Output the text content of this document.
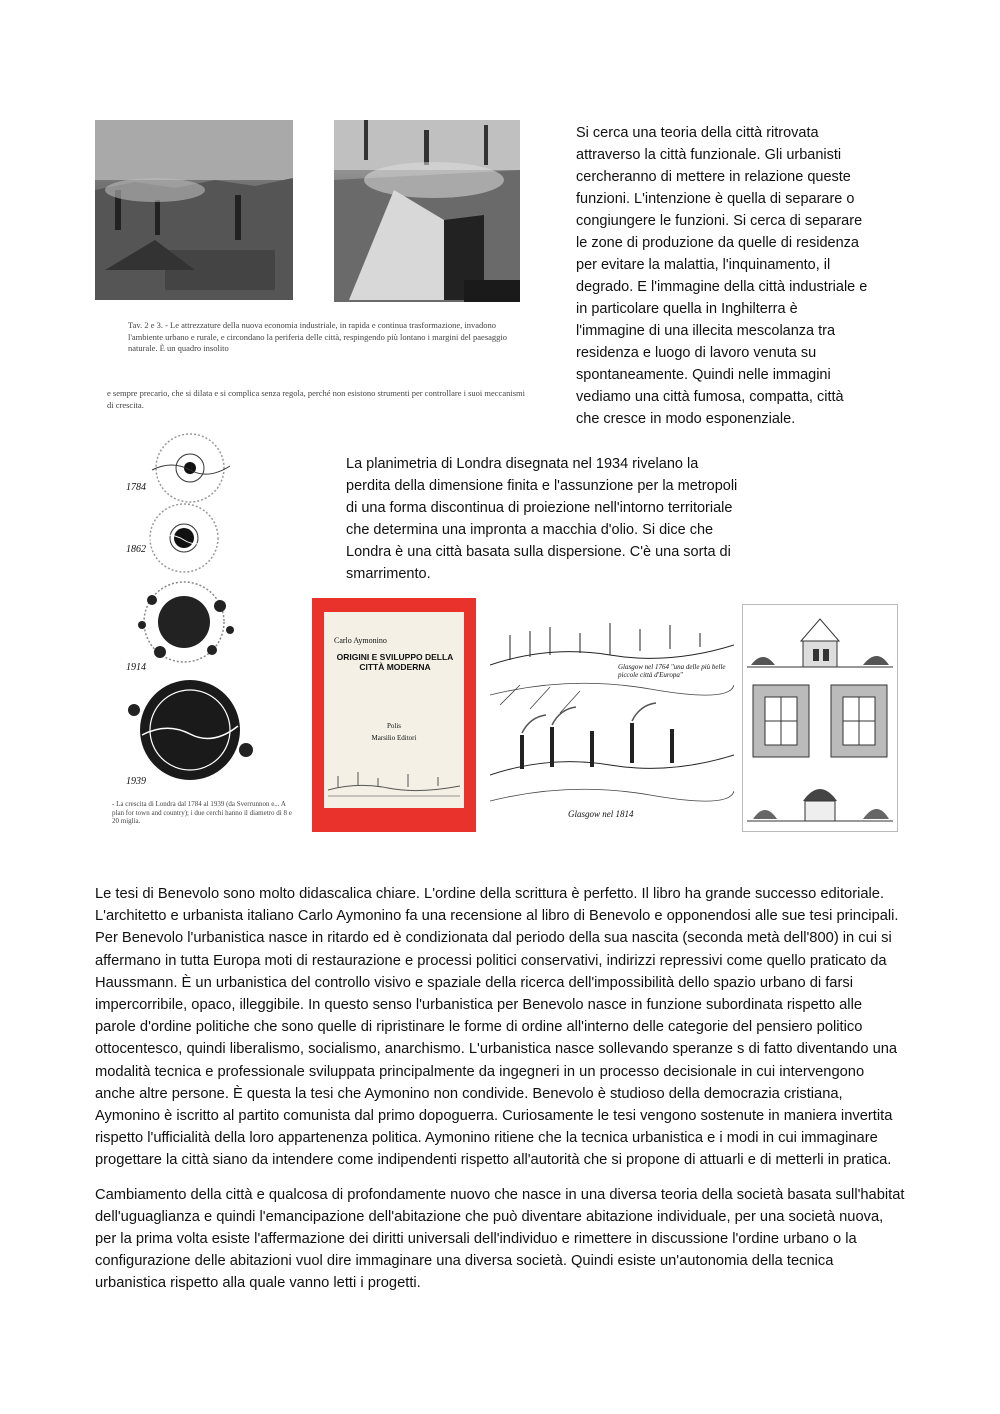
Tav. 2 e 3. - Le attrezzature della nuova economia industriale, in rapida e continua trasformazione, invadono l'ambiente urbano e rurale, e circondano la periferia delle città, respingendo più lontano i margini del paesaggio naturale. È un quadro insolito
e sempre precario, che si dilata e si complica senza regola, perché non esistono strumenti per controllare i suoi meccanismi di crescita.
Si cerca una teoria della città ritrovata attraverso la città funzionale. Gli urbanisti cercheranno di mettere in relazione queste funzioni. L'intenzione è quella di separare o congiungere le funzioni. Si cerca di separare le zone di produzione da quelle di residenza per evitare la malattia, l'inquinamento, il degrado. E l'immagine della città industriale e in particolare quella in Inghilterra è l'immagine di una illecita mescolanza tra residenza e luogo di lavoro venuta su spontaneamente. Quindi nelle immagini vediamo una città fumosa, compatta, città che cresce in modo esponenziale.
1784
1862
1914
1939
- La crescita di Londra dal 1784 al 1939 (da Sverrunnon e... A plan for town and country); i due cerchi hanno il diametro di 8 e 20 miglia.
La planimetria di Londra disegnata nel 1934 rivelano la perdita della dimensione finita e l'assunzione per la metropoli di una forma discontinua di proiezione nell'intorno territoriale che determina una impronta a macchia d'olio. Si dice che Londra è una città basata sulla dispersione. C'è una sorta di smarrimento.
Carlo Aymonino
ORIGINI E SVILUPPO DELLA CITTÀ MODERNA
Polis
Marsilio Editori
Glasgow nel 1764 "una delle più belle piccole città d'Europa"
Glasgow nel 1814

Le tesi di Benevolo sono molto didascalica chiare. L'ordine della scrittura è perfetto. Il libro ha grande successo editoriale. L'architetto e urbanista italiano Carlo Aymonino fa una recensione al libro di Benevolo e opponendosi alle sue tesi principali. Per Benevolo l'urbanistica nasce in ritardo ed è condizionata dal periodo della sua nascita (seconda metà dell'800) in cui si affermano in tutta Europa moti di restaurazione e processi politici conservativi, indirizzi repressivi come quello praticato da Haussmann. È un urbanistica del controllo visivo e spaziale della ricerca dell'impossibilità dello spazio urbano di farsi impercorribile, opaco, illeggibile. In questo senso l'urbanistica per Benevolo nasce in funzione subordinata rispetto alle parole d'ordine politiche che sono quelle di ripristinare le forme di ordine all'interno delle categorie del pensiero politico ottocentesco, quindi liberalismo, socialismo, anarchismo. L'urbanistica nasce sollevando speranze s di fatto diventando una modalità tecnica e professionale sviluppata principalmente da ingegneri in un processo decisionale in cui intervengono anche altre persone. È questa la tesi che Aymonino non condivide. Benevolo è studioso della democrazia cristiana, Aymonino è iscritto al partito comunista dal primo dopoguerra. Curiosamente le tesi vengono sostenute in maniera invertita rispetto l'ufficialità della loro appartenenza politica. Aymonino ritiene che la tecnica urbanistica e i modi in cui immaginare progettare la città siano da intendere come indipendenti rispetto all'autorità che si propone di attuarli e di metterli in pratica.

Cambiamento della città e qualcosa di profondamente nuovo che nasce in una diversa teoria della società basata sull'habitat dell'uguaglianza e quindi l'emancipazione dell'abitazione che può diventare abitazione individuale, per una società nuova, per la prima volta esiste l'affermazione dei diritti universali dell'individuo e rimettere in discussione l'ordine urbano o la configurazione delle abitazioni vuol dire immaginare una diversa società. Quindi esiste un'autonomia della tecnica urbanistica rispetto alla quale vanno letti i progetti.
